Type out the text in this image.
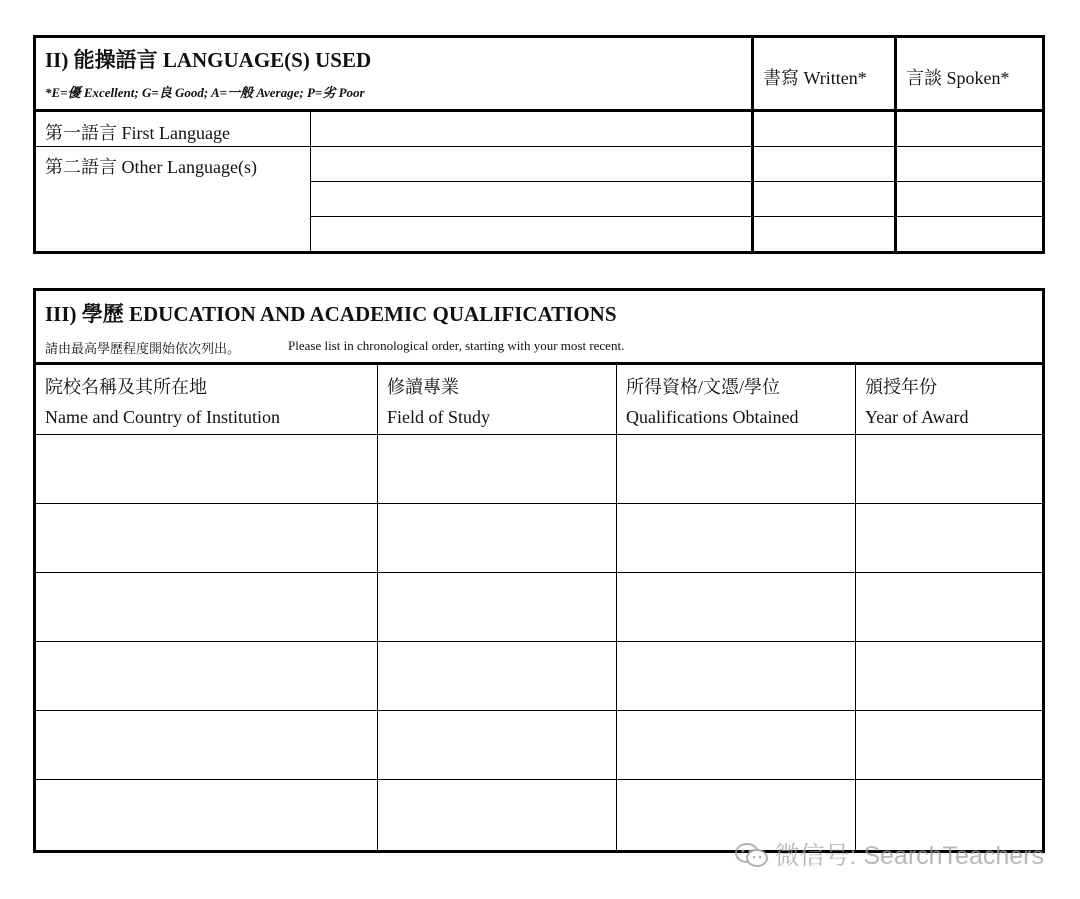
II) 能操語言 LANGUAGE(S) USED
*E=優 Excellent; G=良 Good; A=一般 Average; P=劣 Poor
書寫 Written* 言談 Spoken*
第一語言 First Language
第二語言 Other Language(s)
III) 學歷 EDUCATION AND ACADEMIC QUALIFICATIONS
請由最高學歷程度開始依次列出。	Please list in chronological order, starting with your most recent.
院校名稱及其所在地
Name and Country of Institution
修讀專業
Field of Study
所得資格/文憑/學位
Qualifications Obtained
頒授年份
Year of Award
微信号: SearchTeachers
